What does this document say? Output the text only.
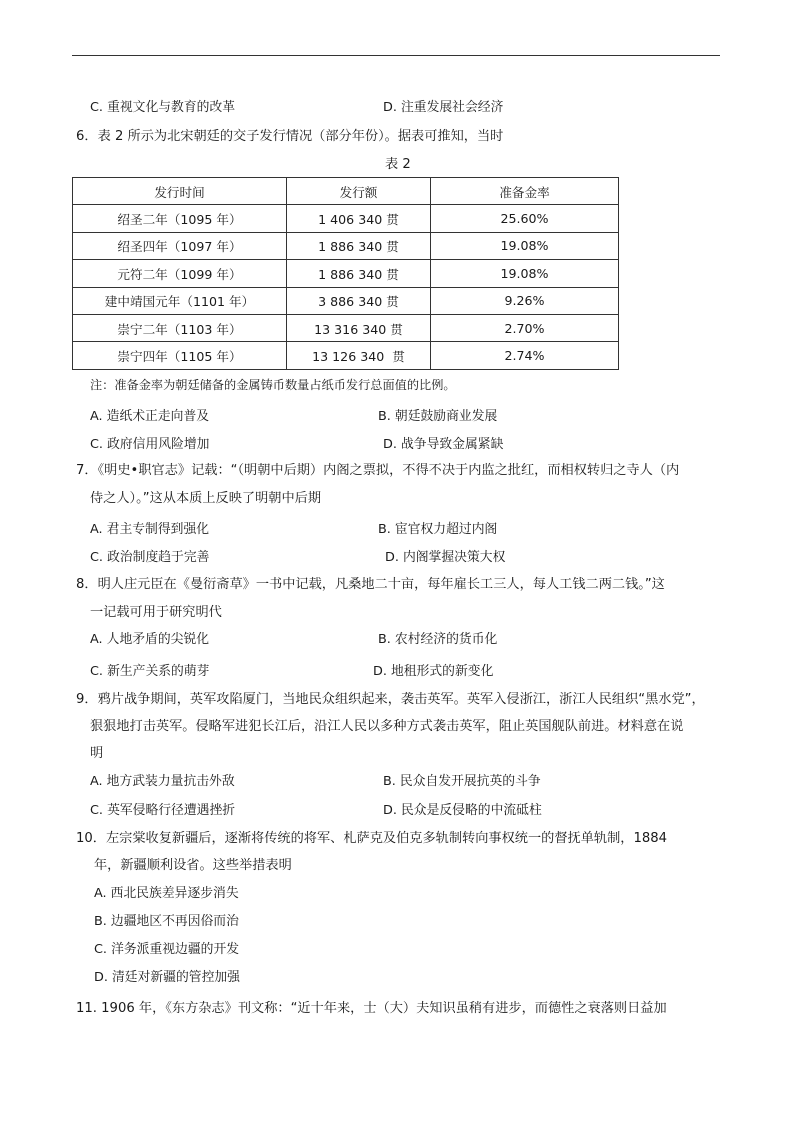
C. 重视文化与教育的改革	D. 注重发展社会经济
6．表 2 所示为北宋朝廷的交子发行情况（部分年份）。据表可推知，当时
表 2
发行时间	发行额	准备金率
绍圣二年（1095 年）	1 406 340 贯	25.60%
绍圣四年（1097 年）	1 886 340 贯	19.08%
元符二年（1099 年）	1 886 340 贯	19.08%
建中靖国元年（1101 年）	3 886 340 贯	9.26%
崇宁二年（1103 年）	13 316 340 贯	2.70%
崇宁四年（1105 年）	13 126 340  贯	2.74%
注：准备金率为朝廷储备的金属铸币数量占纸币发行总面值的比例。
A. 造纸术正走向普及	B. 朝廷鼓励商业发展
C. 政府信用风险增加	D. 战争导致金属紧缺
7．《明史•职官志》记载：“（明朝中后期）内阁之票拟，不得不决于内监之批红，而相权转归之寺人（内
侍之人）。”这从本质上反映了明朝中后期
A. 君主专制得到强化	B. 宦官权力超过内阁
C. 政治制度趋于完善	D. 内阁掌握决策大权
8．明人庄元臣在《曼衍斋草》一书中记载，凡桑地二十亩，每年雇长工三人，每人工钱二两二钱。”这
一记载可用于研究明代
A. 人地矛盾的尖锐化	B. 农村经济的货币化
C. 新生产关系的萌芽	D. 地租形式的新变化
9．鸦片战争期间，英军攻陷厦门，当地民众组织起来，袭击英军。英军入侵浙江，浙江人民组织“黑水党”，
狠狠地打击英军。侵略军进犯长江后，沿江人民以多种方式袭击英军，阻止英国舰队前进。材料意在说
明
A. 地方武装力量抗击外敌	B. 民众自发开展抗英的斗争
C. 英军侵略行径遭遇挫折	D. 民众是反侵略的中流砥柱
10．左宗棠收复新疆后，逐渐将传统的将军、札萨克及伯克多轨制转向事权统一的督抚单轨制，1884
年，新疆顺利设省。这些举措表明
A. 西北民族差异逐步消失
B. 边疆地区不再因俗而治
C. 洋务派重视边疆的开发
D. 清廷对新疆的管控加强
11. 1906 年，《东方杂志》刊文称：“近十年来，士（大）夫知识虽稍有进步，而德性之衰落则日益加
